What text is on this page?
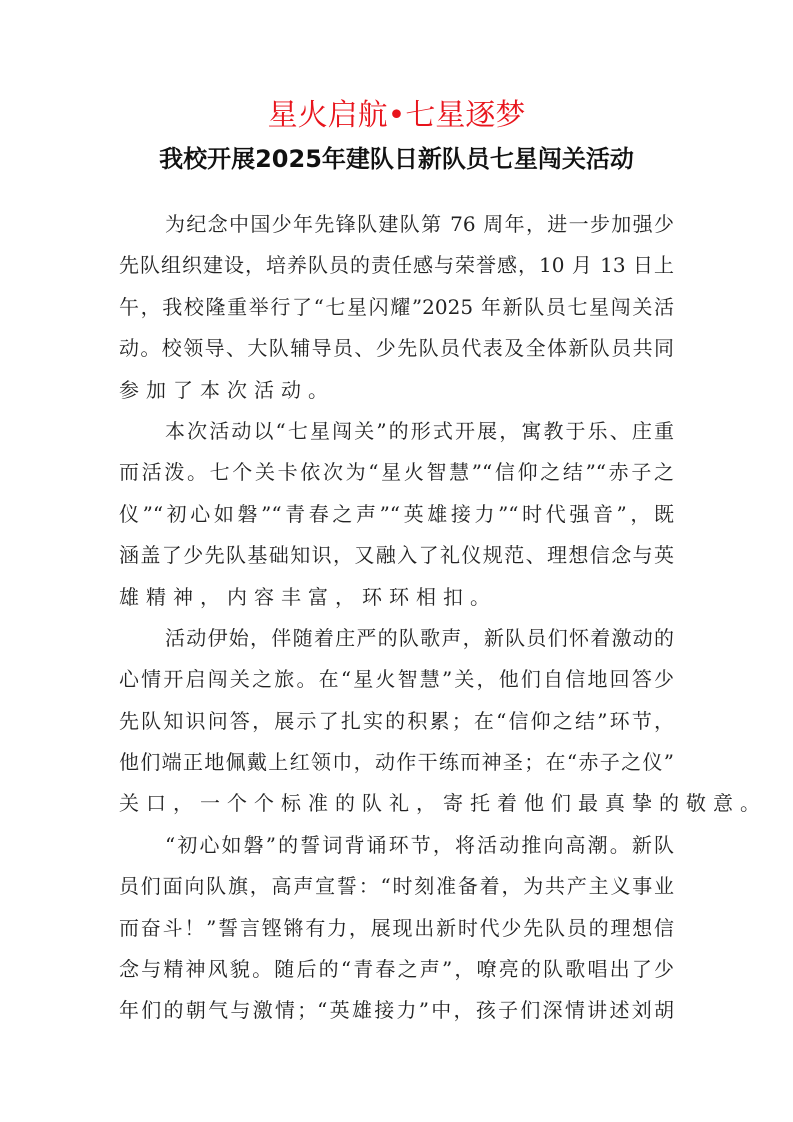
星火启航•七星逐梦
我校开展2025年建队日新队员七星闯关活动
为纪念中国少年先锋队建队第 76 周年，进一步加强少
先队组织建设，培养队员的责任感与荣誉感，10 月 13 日上
午，我校隆重举行了“七星闪耀”2025 年新队员七星闯关活
动。校领导、大队辅导员、少先队员代表及全体新队员共同
参加了本次活动。
本次活动以“七星闯关”的形式开展，寓教于乐、庄重
而活泼。七个关卡依次为“星火智慧”“信仰之结”“赤子之
仪”“初心如磐”“青春之声”“英雄接力”“时代强音”，既
涵盖了少先队基础知识，又融入了礼仪规范、理想信念与英
雄精神，内容丰富，环环相扣。
活动伊始，伴随着庄严的队歌声，新队员们怀着激动的
心情开启闯关之旅。在“星火智慧”关，他们自信地回答少
先队知识问答，展示了扎实的积累；在“信仰之结”环节，
他们端正地佩戴上红领巾，动作干练而神圣；在“赤子之仪”
关口，一个个标准的队礼，寄托着他们最真挚的敬意。
“初心如磐”的誓词背诵环节，将活动推向高潮。新队
员们面向队旗，高声宣誓：“时刻准备着，为共产主义事业
而奋斗！”誓言铿锵有力，展现出新时代少先队员的理想信
念与精神风貌。随后的“青春之声”，嘹亮的队歌唱出了少
年们的朝气与激情；“英雄接力”中，孩子们深情讲述刘胡
